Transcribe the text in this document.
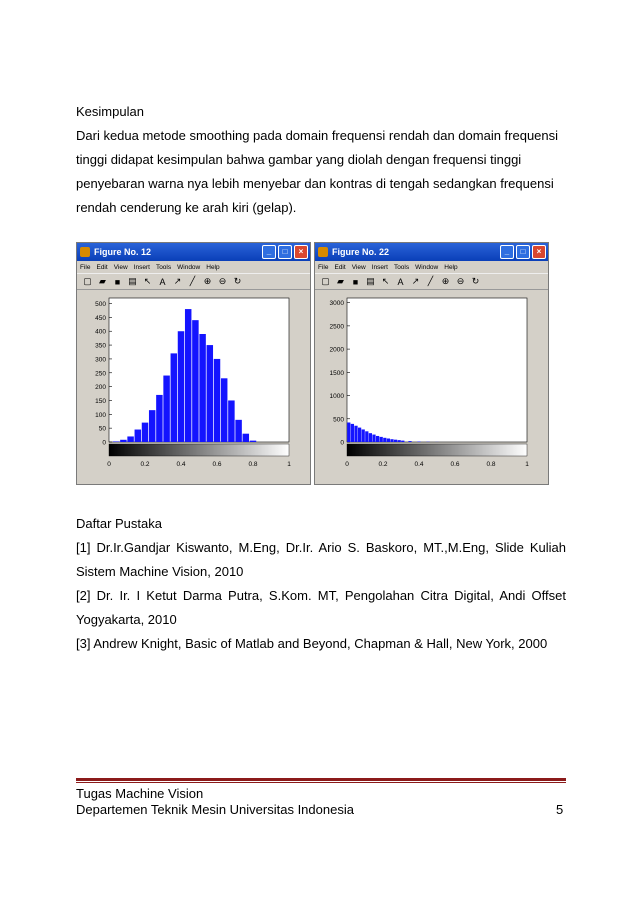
Kesimpulan
Dari kedua metode smoothing pada domain frequensi rendah dan domain frequensi
tinggi didapat kesimpulan bahwa gambar yang diolah dengan frequensi tinggi
penyebaran warna nya lebih menyebar dan kontras di tengah sedangkan frequensi
rendah cenderung ke arah kiri (gelap).
Figure No. 12	_	□	×
File Edit View Insert Tools Window Help
▢ ▰ ■ ▤ ↖ A ↗ ╱ ⊕ ⊖ ↻
0
50
100
150
200
250
300
350
400
450
500
0	0.2	0.4	0.6	0.8	1
Figure No. 22	_	□	×
File Edit View Insert Tools Window Help
▢ ▰ ■ ▤ ↖ A ↗ ╱ ⊕ ⊖ ↻
0
500
1000
1500
2000
2500
3000
0	0.2	0.4	0.6	0.8	1
Daftar Pustaka
[1] Dr.Ir.Gandjar Kiswanto, M.Eng, Dr.Ir. Ario S. Baskoro, MT.,M.Eng, Slide Kuliah Sistem Machine Vision, 2010
[2] Dr. Ir. I Ketut Darma Putra, S.Kom. MT, Pengolahan Citra Digital, Andi Offset Yogyakarta, 2010
[3] Andrew Knight, Basic of Matlab and Beyond, Chapman & Hall, New York, 2000
Tugas Machine Vision
Departemen Teknik Mesin Universitas Indonesia	5
